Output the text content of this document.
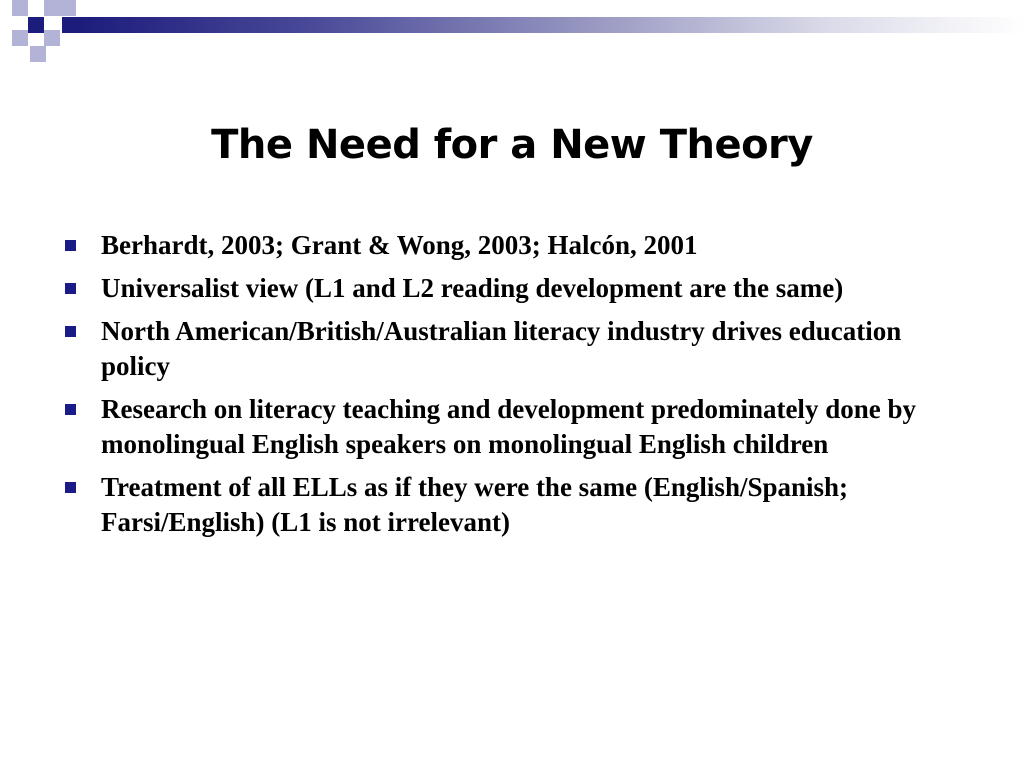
The Need for a New Theory
Berhardt, 2003; Grant & Wong, 2003; Halcón, 2001
Universalist view (L1 and L2 reading development are the same)
North American/British/Australian literacy industry drives education policy
Research on literacy teaching and development predominately done by monolingual English speakers on monolingual English children
Treatment of all ELLs as if they were the same (English/Spanish; Farsi/English) (L1 is not irrelevant)
